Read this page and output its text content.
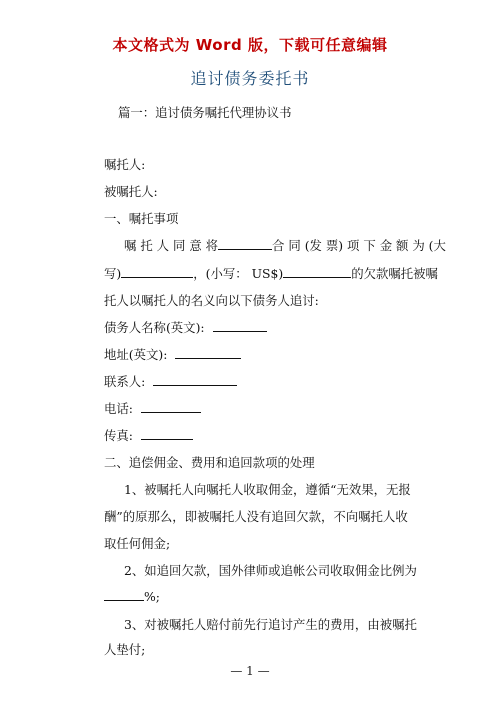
本文格式为 Word 版，下载可任意编辑
追讨债务委托书
篇一：追讨债务嘱托代理协议书
嘱托人:
被嘱托人:
一、嘱托事项
嘱 托 人 同 意 将	合 同 (发 票) 项 下 金 额 为 (大
写)	，(小写： US$)	的欠款嘱托被嘱
托人以嘱托人的名义向以下债务人追讨:
债务人名称(英文):
地址(英文):
联系人:
电话:
传真:
二、追偿佣金、费用和追回款项的处理
1、被嘱托人向嘱托人收取佣金，遵循“无效果，无报
酬”的原那么，即被嘱托人没有追回欠款，不向嘱托人收
取任何佣金;
2、如追回欠款，国外律师或追帐公司收取佣金比例为
%;
3、对被嘱托人赔付前先行追讨产生的费用，由被嘱托
人垫付;
— 1 —
